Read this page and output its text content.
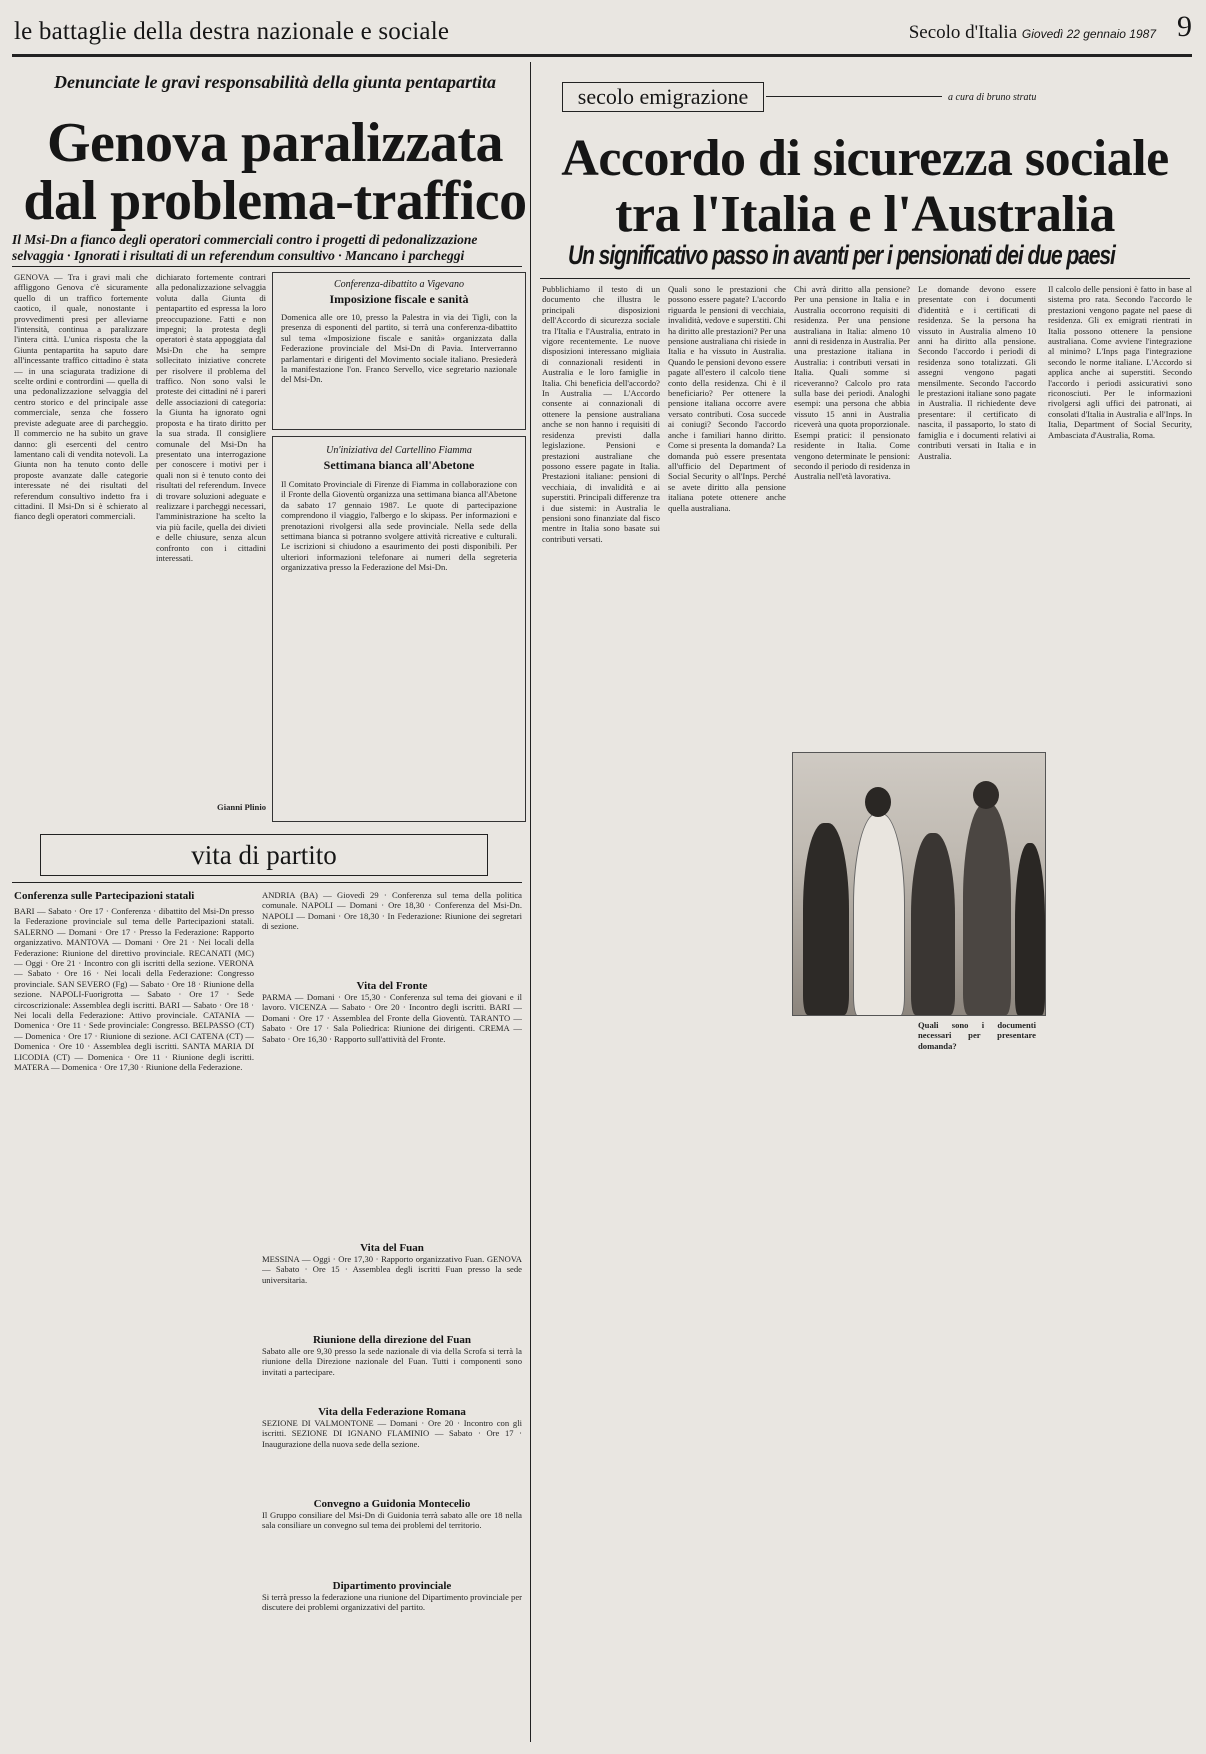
le battaglie della destra nazionale e sociale	Secolo d'Italia Giovedì 22 gennaio 1987 9
Denunciate le gravi responsabilità della giunta pentapartita
Genova paralizzata
dal problema-traffico
Il Msi-Dn a fianco degli operatori commerciali contro i progetti di pedonalizzazione selvaggia · Ignorati i risultati di un referendum consultivo · Mancano i parcheggi
GENOVA — Tra i gravi mali che affliggono Genova c'è sicuramente quello di un traffico fortemente caotico, il quale, nonostante i provvedimenti presi per alleviarne l'intensità, continua a paralizzare l'intera città. L'unica risposta che la Giunta pentapartita ha saputo dare all'incessante traffico cittadino è stata — in una sciagurata tradizione di scelte ordini e contrordini — quella di una pedonalizzazione selvaggia del centro storico e del principale asse commerciale, senza che fossero previste adeguate aree di parcheggio. Il commercio ne ha subito un grave danno: gli esercenti del centro lamentano cali di vendita notevoli. La Giunta non ha tenuto conto delle proposte avanzate dalle categorie interessate né dei risultati del referendum consultivo indetto fra i cittadini. Il Msi-Dn si è schierato al fianco degli operatori commerciali.
dichiarato fortemente contrari alla pedonalizzazione selvaggia voluta dalla Giunta di pentapartito ed espressa la loro preoccupazione. Fatti e non impegni; la protesta degli operatori è stata appoggiata dal Msi-Dn che ha sempre sollecitato iniziative concrete per risolvere il problema del traffico. Non sono valsi le proteste dei cittadini né i pareri delle associazioni di categoria: la Giunta ha ignorato ogni proposta e ha tirato diritto per la sua strada. Il consigliere comunale del Msi-Dn ha presentato una interrogazione per conoscere i motivi per i quali non si è tenuto conto dei risultati del referendum. Invece di trovare soluzioni adeguate e realizzare i parcheggi necessari, l'amministrazione ha scelto la via più facile, quella dei divieti e delle chiusure, senza alcun confronto con i cittadini interessati.
Gianni Plinio
Conferenza-dibattito a Vigevano
Imposizione fiscale e sanità
Domenica alle ore 10, presso la Palestra in via dei Tigli, con la presenza di esponenti del partito, si terrà una conferenza-dibattito sul tema «Imposizione fiscale e sanità» organizzata dalla Federazione provinciale del Msi-Dn di Pavia. Interverranno parlamentari e dirigenti del Movimento sociale italiano. Presiederà la manifestazione l'on. Franco Servello, vice segretario nazionale del Msi-Dn.
Un'iniziativa del Cartellino Fiamma
Settimana bianca all'Abetone
Il Comitato Provinciale di Firenze di Fiamma in collaborazione con il Fronte della Gioventù organizza una settimana bianca all'Abetone da sabato 17 gennaio 1987. Le quote di partecipazione comprendono il viaggio, l'albergo e lo skipass. Per informazioni e prenotazioni rivolgersi alla sede provinciale. Nella sede della settimana bianca si potranno svolgere attività ricreative e culturali. Le iscrizioni si chiudono a esaurimento dei posti disponibili. Per ulteriori informazioni telefonare ai numeri della segreteria organizzativa presso la Federazione del Msi-Dn.
vita di partito
Conferenza sulle Partecipazioni statali
BARI — Sabato · Ore 17 · Conferenza · dibattito del Msi-Dn presso la Federazione provinciale sul tema delle Partecipazioni statali. SALERNO — Domani · Ore 17 · Presso la Federazione: Rapporto organizzativo. MANTOVA — Domani · Ore 21 · Nei locali della Federazione: Riunione del direttivo provinciale. RECANATI (MC) — Oggi · Ore 21 · Incontro con gli iscritti della sezione. VERONA — Sabato · Ore 16 · Nei locali della Federazione: Congresso provinciale. SAN SEVERO (Fg) — Sabato · Ore 18 · Riunione della sezione. NAPOLI-Fuorigrotta — Sabato · Ore 17 · Sede circoscrizionale: Assemblea degli iscritti. BARI — Sabato · Ore 18 · Nei locali della Federazione: Attivo provinciale. CATANIA — Domenica · Ore 11 · Sede provinciale: Congresso. BELPASSO (CT) — Domenica · Ore 17 · Riunione di sezione. ACI CATENA (CT) — Domenica · Ore 10 · Assemblea degli iscritti. SANTA MARIA DI LICODIA (CT) — Domenica · Ore 11 · Riunione degli iscritti. MATERA — Domenica · Ore 17,30 · Riunione della Federazione.
ANDRIA (BA) — Giovedì 29 · Conferenza sul tema della politica comunale. NAPOLI — Domani · Ore 18,30 · Conferenza del Msi-Dn. NAPOLI — Domani · Ore 18,30 · In Federazione: Riunione dei segretari di sezione.
Vita del Fronte
PARMA — Domani · Ore 15,30 · Conferenza sul tema dei giovani e il lavoro. VICENZA — Sabato · Ore 20 · Incontro degli iscritti. BARI — Domani · Ore 17 · Assemblea del Fronte della Gioventù. TARANTO — Sabato · Ore 17 · Sala Poliedrica: Riunione dei dirigenti. CREMA — Sabato · Ore 16,30 · Rapporto sull'attività del Fronte.
Vita del Fuan
MESSINA — Oggi · Ore 17,30 · Rapporto organizzativo Fuan. GENOVA — Sabato · Ore 15 · Assemblea degli iscritti Fuan presso la sede universitaria.
Riunione della direzione del Fuan
Sabato alle ore 9,30 presso la sede nazionale di via della Scrofa si terrà la riunione della Direzione nazionale del Fuan. Tutti i componenti sono invitati a partecipare.
Vita della Federazione Romana
SEZIONE DI VALMONTONE — Domani · Ore 20 · Incontro con gli iscritti. SEZIONE DI IGNANO FLAMINIO — Sabato · Ore 17 · Inaugurazione della nuova sede della sezione.
Convegno a Guidonia Montecelio
Il Gruppo consiliare del Msi-Dn di Guidonia terrà sabato alle ore 18 nella sala consiliare un convegno sul tema dei problemi del territorio.
Dipartimento provinciale
Si terrà presso la federazione una riunione del Dipartimento provinciale per discutere dei problemi organizzativi del partito.
secolo emigrazione	a cura di bruno stratu
Accordo di sicurezza sociale
tra l'Italia e l'Australia
Un significativo passo in avanti per i pensionati dei due paesi
Pubblichiamo il testo di un documento che illustra le principali disposizioni dell'Accordo di sicurezza sociale tra l'Italia e l'Australia, entrato in vigore recentemente. Le nuove disposizioni interessano migliaia di connazionali residenti in Australia e le loro famiglie in Italia. Chi beneficia dell'accordo? In Australia — L'Accordo consente ai connazionali di ottenere la pensione australiana anche se non hanno i requisiti di residenza previsti dalla legislazione. Pensioni e prestazioni australiane che possono essere pagate in Italia. Prestazioni italiane: pensioni di vecchiaia, di invalidità e ai superstiti. Principali differenze tra i due sistemi: in Australia le pensioni sono finanziate dal fisco mentre in Italia sono basate sui contributi versati.
Quali sono le prestazioni che possono essere pagate? L'accordo riguarda le pensioni di vecchiaia, invalidità, vedove e superstiti. Chi ha diritto alle prestazioni? Per una pensione australiana chi risiede in Italia e ha vissuto in Australia. Quando le pensioni devono essere pagate all'estero il calcolo tiene conto della residenza. Chi è il beneficiario? Per ottenere la pensione italiana occorre avere versato contributi. Cosa succede ai coniugi? Secondo l'accordo anche i familiari hanno diritto. Come si presenta la domanda? La domanda può essere presentata all'ufficio del Department of Social Security o all'Inps. Perché se avete diritto alla pensione italiana potete ottenere anche quella australiana.
Chi avrà diritto alla pensione? Per una pensione in Italia e in Australia occorrono requisiti di residenza. Per una pensione australiana in Italia: almeno 10 anni di residenza in Australia. Per una prestazione italiana in Australia: i contributi versati in Italia. Quali somme si riceveranno? Calcolo pro rata sulla base dei periodi. Analoghi esempi: una persona che abbia vissuto 15 anni in Australia riceverà una quota proporzionale. Esempi pratici: il pensionato residente in Italia. Come vengono determinate le pensioni: secondo il periodo di residenza in Australia nell'età lavorativa.
Quali sono i documenti necessari per presentare domanda?
Le domande devono essere presentate con i documenti d'identità e i certificati di residenza. Se la persona ha vissuto in Australia almeno 10 anni ha diritto alla pensione. Secondo l'accordo i periodi di residenza sono totalizzati. Gli assegni vengono pagati mensilmente. Secondo l'accordo le prestazioni italiane sono pagate in Australia. Il richiedente deve presentare: il certificato di nascita, il passaporto, lo stato di famiglia e i documenti relativi ai contributi versati in Italia e in Australia.
Il calcolo delle pensioni è fatto in base al sistema pro rata. Secondo l'accordo le prestazioni vengono pagate nel paese di residenza. Gli ex emigrati rientrati in Italia possono ottenere la pensione australiana. Come avviene l'integrazione al minimo? L'Inps paga l'integrazione secondo le norme italiane. L'Accordo si applica anche ai superstiti. Secondo l'accordo i periodi assicurativi sono riconosciuti. Per le informazioni rivolgersi agli uffici dei patronati, ai consolati d'Italia in Australia e all'Inps. In Italia, Department of Social Security, Ambasciata d'Australia, Roma.
